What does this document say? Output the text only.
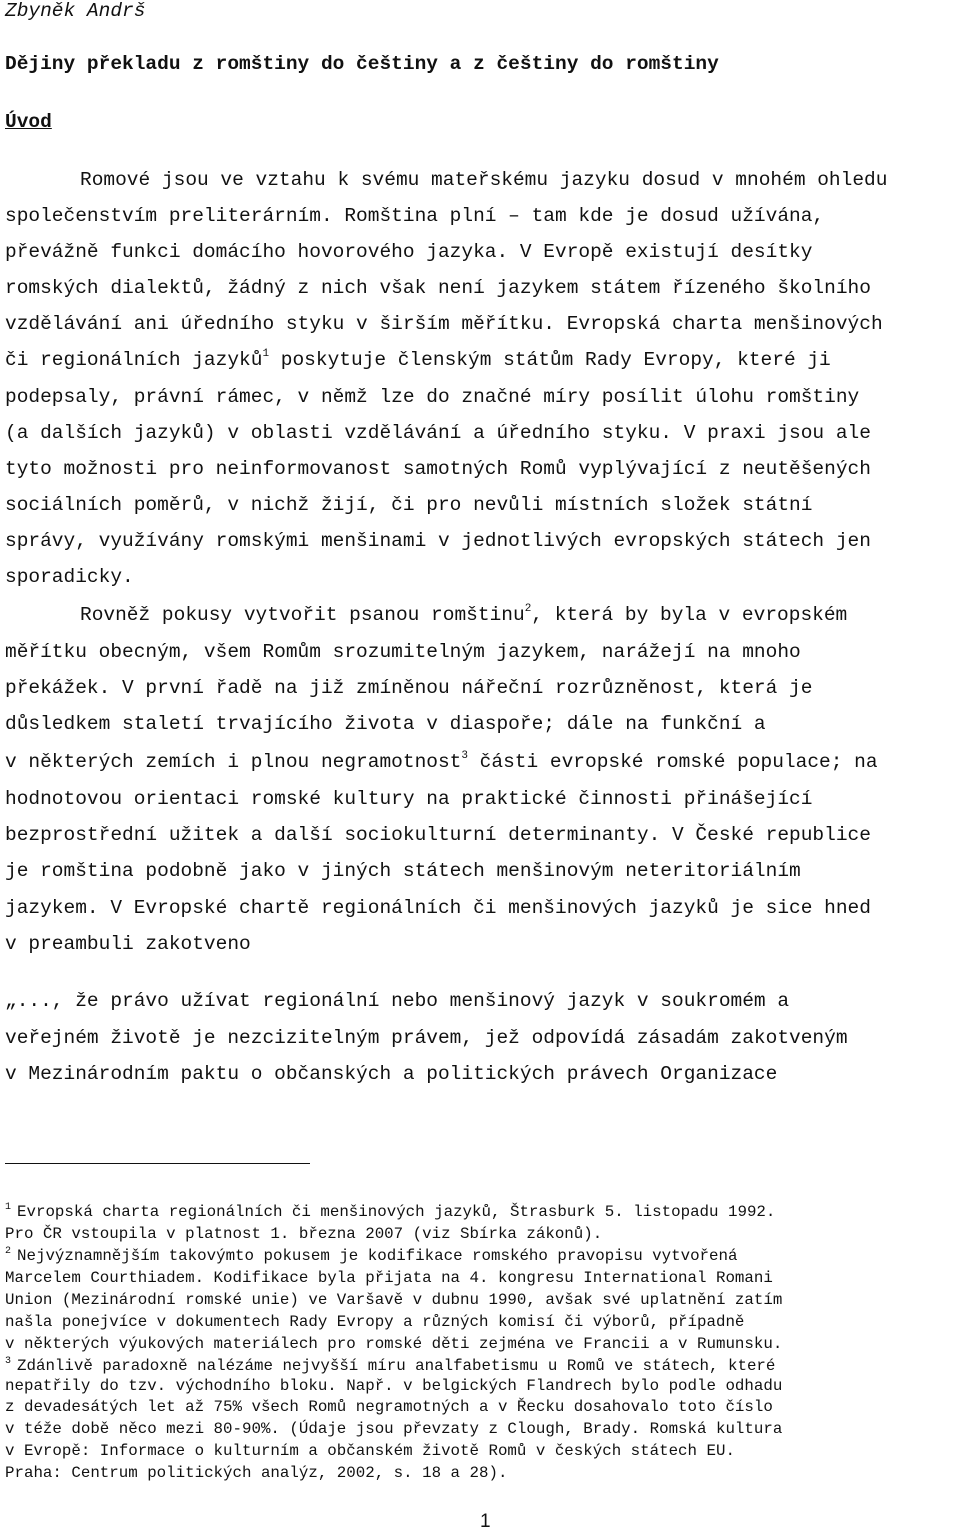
Zbyněk Andrš
Dějiny překladu z romštiny do češtiny a z češtiny do romštiny
Úvod
Romové jsou ve vztahu k svému mateřskému jazyku dosud v mnohém ohledu
společenstvím preliterárním. Romština plní – tam kde je dosud užívána,
převážně funkci domácího hovorového jazyka. V Evropě existují desítky
romských dialektů, žádný z nich však není jazykem státem řízeného školního
vzdělávání ani úředního styku v širším měřítku. Evropská charta menšinových
či regionálních jazyků$^1$ poskytuje členským státům Rady Evropy, které ji
podepsaly, právní rámec, v němž lze do značné míry posílit úlohu romštiny
(a dalších jazyků) v oblasti vzdělávání a úředního styku. V praxi jsou ale
tyto možnosti pro neinformovanost samotných Romů vyplývající z neutěšených
sociálních poměrů, v nichž žijí, či pro nevůli místních složek státní
správy, využívány romskými menšinami v jednotlivých evropských státech jen
sporadicky.
Rovněž pokusy vytvořit psanou romštinu$^2$, která by byla v evropském
měřítku obecným, všem Romům srozumitelným jazykem, narážejí na mnoho
překážek. V první řadě na již zmíněnou nářeční rozrůzněnost, která je
důsledkem staletí trvajícího života v diaspoře; dále na funkční a
v některých zemích i plnou negramotnost$^3$ části evropské romské populace; na
hodnotovou orientaci romské kultury na praktické činnosti přinášející
bezprostřední užitek a další sociokulturní determinanty. V České republice
je romština podobně jako v jiných státech menšinovým neteritoriálním
jazykem. V Evropské chartě regionálních či menšinových jazyků je sice hned
v preambuli zakotveno
„..., že právo užívat regionální nebo menšinový jazyk v soukromém a
veřejném životě je nezcizitelným právem, jež odpovídá zásadám zakotveným
v Mezinárodním paktu o občanských a politických právech Organizace
$^1$ Evropská charta regionálních či menšinových jazyků, Štrasburk 5. listopadu 1992.
Pro ČR vstoupila v platnost 1. března 2007 (viz Sbírka zákonů).
$^2$ Nejvýznamnějším takovýmto pokusem je kodifikace romského pravopisu vytvořená
Marcelem Courthiadem. Kodifikace byla přijata na 4. kongresu International Romani
Union (Mezinárodní romské unie) ve Varšavě v dubnu 1990, avšak své uplatnění zatím
našla ponejvíce v dokumentech Rady Evropy a různých komisí či výborů, případně
v některých výukových materiálech pro romské děti zejména ve Francii a v Rumunsku.
$^3$ Zdánlivě paradoxně nalézáme nejvyšší míru analfabetismu u Romů ve státech, které
nepatřily do tzv. východního bloku. Např. v belgických Flandrech bylo podle odhadu
z devadesátých let až 75% všech Romů negramotných a v Řecku dosahovalo toto číslo
v téže době něco mezi 80-90%. (Údaje jsou převzaty z Clough, Brady. Romská kultura
v Evropě: Informace o kulturním a občanském životě Romů v českých státech EU.
Praha: Centrum politických analýz, 2002, s. 18 a 28).
1
